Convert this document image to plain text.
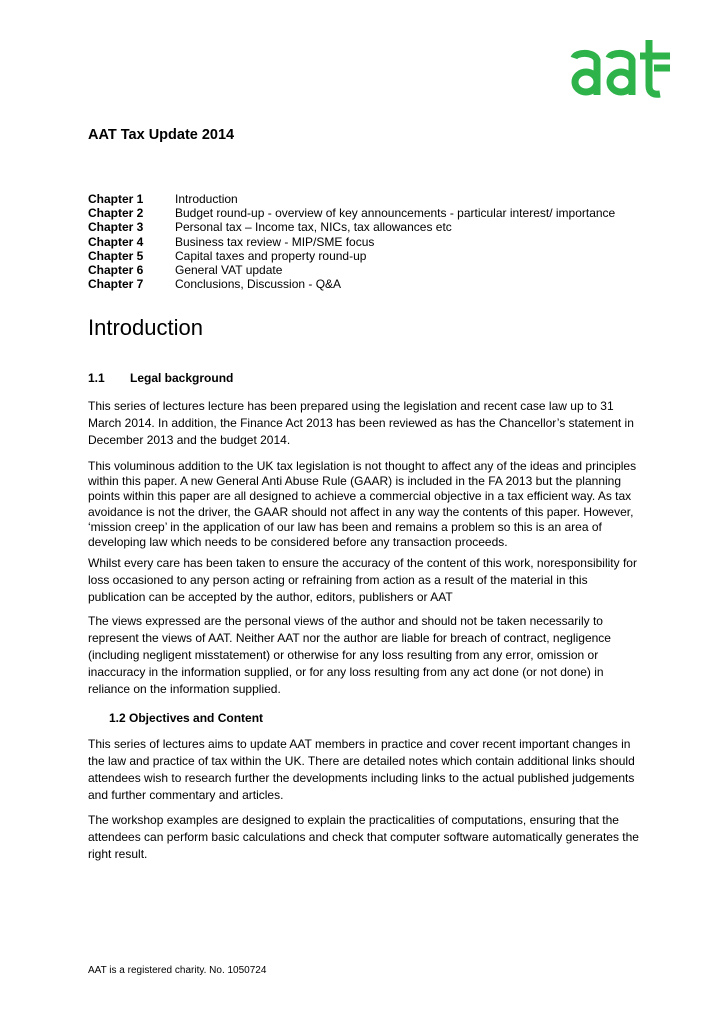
AAT Tax Update 2014
Chapter 1	Introduction
Chapter 2	Budget round-up - overview of key announcements - particular interest/ importance
Chapter 3	Personal tax – Income tax, NICs, tax allowances etc
Chapter 4	Business tax review - MIP/SME focus
Chapter 5	Capital taxes and property round-up
Chapter 6	General VAT update
Chapter 7	Conclusions, Discussion - Q&A
Introduction
1.1 Legal background

This series of lectures lecture has been prepared using the legislation and recent case law up to 31 March 2014. In addition, the Finance Act 2013 has been reviewed as has the Chancellor’s statement in December 2013 and the budget 2014.

This voluminous addition to the UK tax legislation is not thought to affect any of the ideas and principles within this paper. A new General Anti Abuse Rule (GAAR) is included in the FA 2013 but the planning points within this paper are all designed to achieve a commercial objective in a tax efficient way. As tax avoidance is not the driver, the GAAR should not affect in any way the contents of this paper. However, ‘mission creep’ in the application of our law has been and remains a problem so this is an area of developing law which needs to be considered before any transaction proceeds.

Whilst every care has been taken to ensure the accuracy of the content of this work, noresponsibility for loss occasioned to any person acting or refraining from action as a result of the material in this publication can be accepted by the author, editors, publishers or AAT

The views expressed are the personal views of the author and should not be taken necessarily to represent the views of AAT. Neither AAT nor the author are liable for breach of contract, negligence (including negligent misstatement) or otherwise for any loss resulting from any error, omission or inaccuracy in the information supplied, or for any loss resulting from any act done (or not done) in reliance on the information supplied.

1.2 Objectives and Content

This series of lectures aims to update AAT members in practice and cover recent important changes in the law and practice of tax within the UK. There are detailed notes which contain additional links should attendees wish to research further the developments including links to the actual published judgements and further commentary and articles.

The workshop examples are designed to explain the practicalities of computations, ensuring that the attendees can perform basic calculations and check that computer software automatically generates the right result.

AAT is a registered charity. No. 1050724
